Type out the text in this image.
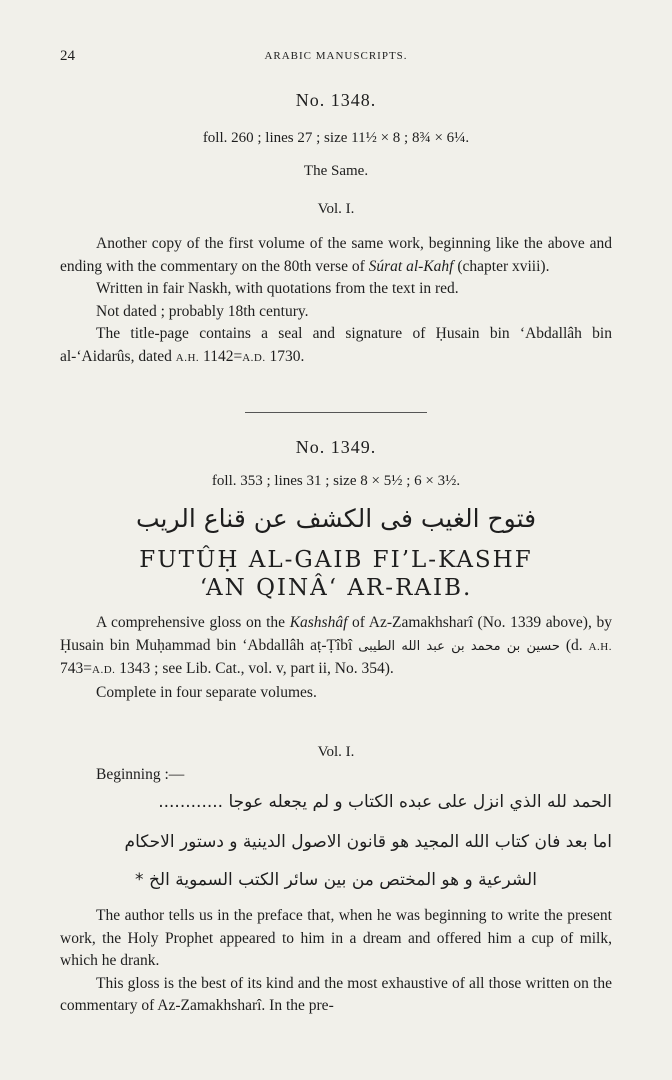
24	ARABIC MANUSCRIPTS.
No. 1348.
foll. 260 ; lines 27 ; size 11½ × 8 ; 8¾ × 6¼.
The Same.
Vol. I.

Another copy of the first volume of the same work, beginning like the above and ending with the commentary on the 80th verse of Súrat al-Kahf (chapter xviii).

Written in fair Naskh, with quotations from the text in red.

Not dated ; probably 18th century.

The title-page contains a seal and signature of Ḥusain bin ‘Abdallâh bin al-‘Aidarûs, dated A.H. 1142=A.D. 1730.

No. 1349.
foll. 353 ; lines 31 ; size 8 × 5½ ; 6 × 3½.
فتوح الغيب فى الكشف عن قناع الريب
FUTÛḤ AL-GAIB FI’L-KASHF
‘AN QINÂ‘ AR-RAIB.

A comprehensive gloss on the Kashshâf of Az-Zamakhsharî (No. 1339 above), by Ḥusain bin Muḥammad bin ‘Abdallâh aṭ-Ṭîbî حسين بن محمد بن عبد الله الطيبى (d. A.H. 743=A.D. 1343 ; see Lib. Cat., vol. v, part ii, No. 354).

Complete in four separate volumes.

Vol. I.
Beginning :—
الحمد لله الذي انزل على عبده الكتاب و لم يجعله عوجا ............
اما بعد فان كتاب الله المجيد هو قانون الاصول الدينية و دستور الاحكام
الشرعية و هو المختص من بين سائر الكتب السموية الخ *

The author tells us in the preface that, when he was beginning to write the present work, the Holy Prophet appeared to him in a dream and offered him a cup of milk, which he drank.

This gloss is the best of its kind and the most exhaustive of all those written on the commentary of Az-Zamakhsharî. In the pre-
